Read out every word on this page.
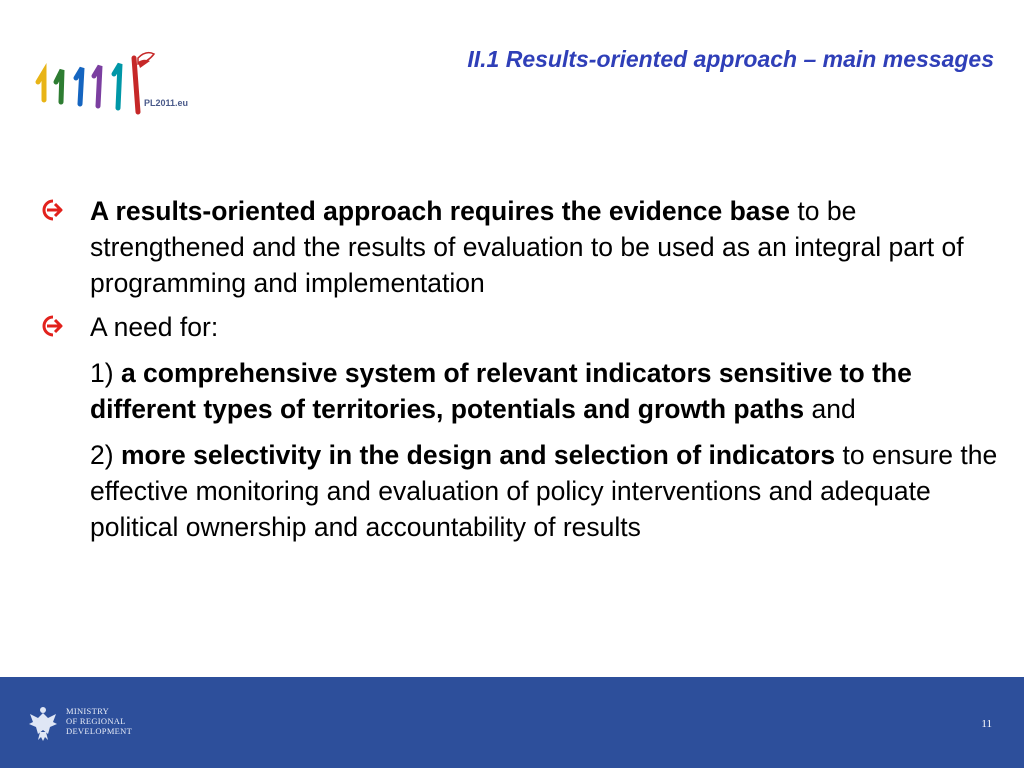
PL2011.eu
II.1 Results-oriented approach – main messages
A results-oriented approach requires the evidence base to be strengthened and the results of evaluation to be used as an integral part of programming and implementation
A need for:
1) a comprehensive system of relevant indicators sensitive to the different types of territories, potentials and growth paths and
2) more selectivity in the design and selection of indicators to ensure the effective monitoring and evaluation of policy interventions and adequate political ownership and accountability of results
MINISTRY
OF REGIONAL
DEVELOPMENT
11
